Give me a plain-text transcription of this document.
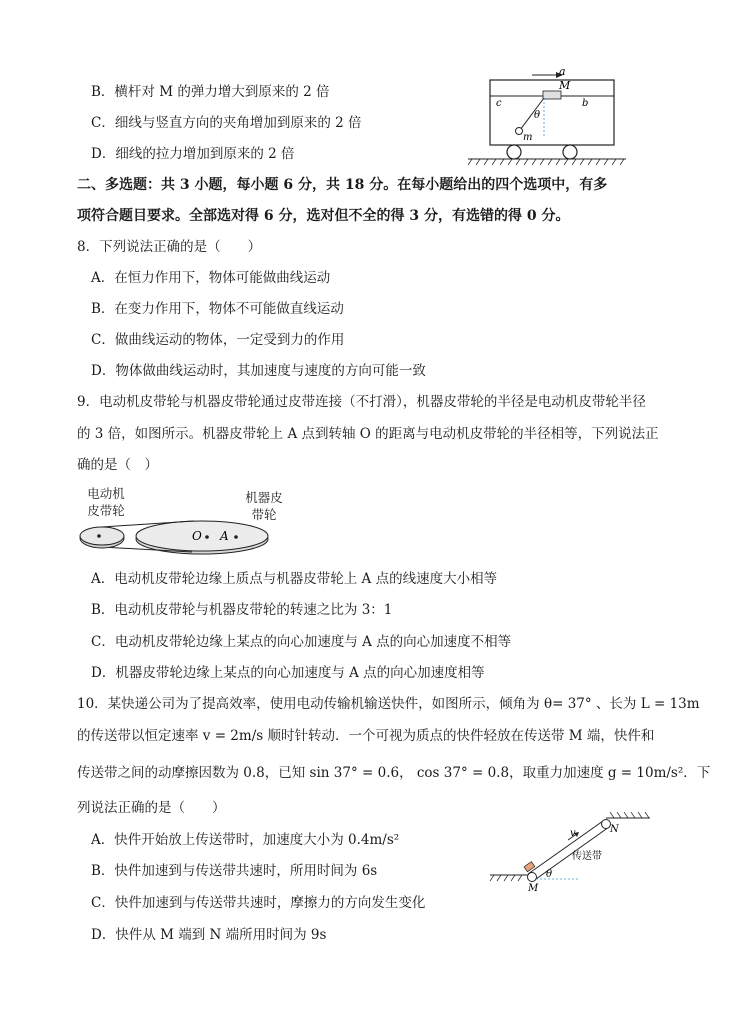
B．横杆对 M 的弹力增大到原来的 2 倍
C．细线与竖直方向的夹角增加到原来的 2 倍
D．细线的拉力增加到原来的 2 倍
a
M
b
c
m
θ
二、多选题：共 3 小题，每小题 6 分，共 18 分。在每小题给出的四个选项中，有多
项符合题目要求。全部选对得 6 分，选对但不全的得 3 分，有选错的得 0 分。
8．下列说法正确的是（　　）
A．在恒力作用下，物体可能做曲线运动
B．在变力作用下，物体不可能做直线运动
C．做曲线运动的物体，一定受到力的作用
D．物体做曲线运动时，其加速度与速度的方向可能一致
9．电动机皮带轮与机器皮带轮通过皮带连接（不打滑），机器皮带轮的半径是电动机皮带轮半径
的 3 倍，如图所示。机器皮带轮上 A 点到转轴 O 的距离与电动机皮带轮的半径相等，下列说法正
确的是（　）
电动机
皮带轮
机器皮
带轮
O A
A．电动机皮带轮边缘上质点与机器皮带轮上 A 点的线速度大小相等
B．电动机皮带轮与机器皮带轮的转速之比为 3：1
C．电动机皮带轮边缘上某点的向心加速度与 A 点的向心加速度不相等
D．机器皮带轮边缘上某点的向心加速度与 A 点的向心加速度相等
10．某快递公司为了提高效率，使用电动传输机输送快件，如图所示，倾角为 θ= 37° 、长为 L = 13m
的传送带以恒定速率 v = 2m/s 顺时针转动．一个可视为质点的快件轻放在传送带 M 端，快件和
传送带之间的动摩擦因数为 0.8，已知 sin 37° = 0.6， cos 37° = 0.8，取重力加速度 g = 10m/s²．下
列说法正确的是（　　）
A．快件开始放上传送带时，加速度大小为 0.4m/s²
B．快件加速到与传送带共速时，所用时间为 6s
C．快件加速到与传送带共速时，摩擦力的方向发生变化
D．快件从 M 端到 N 端所用时间为 9s
v
传送带
M
N
θ
